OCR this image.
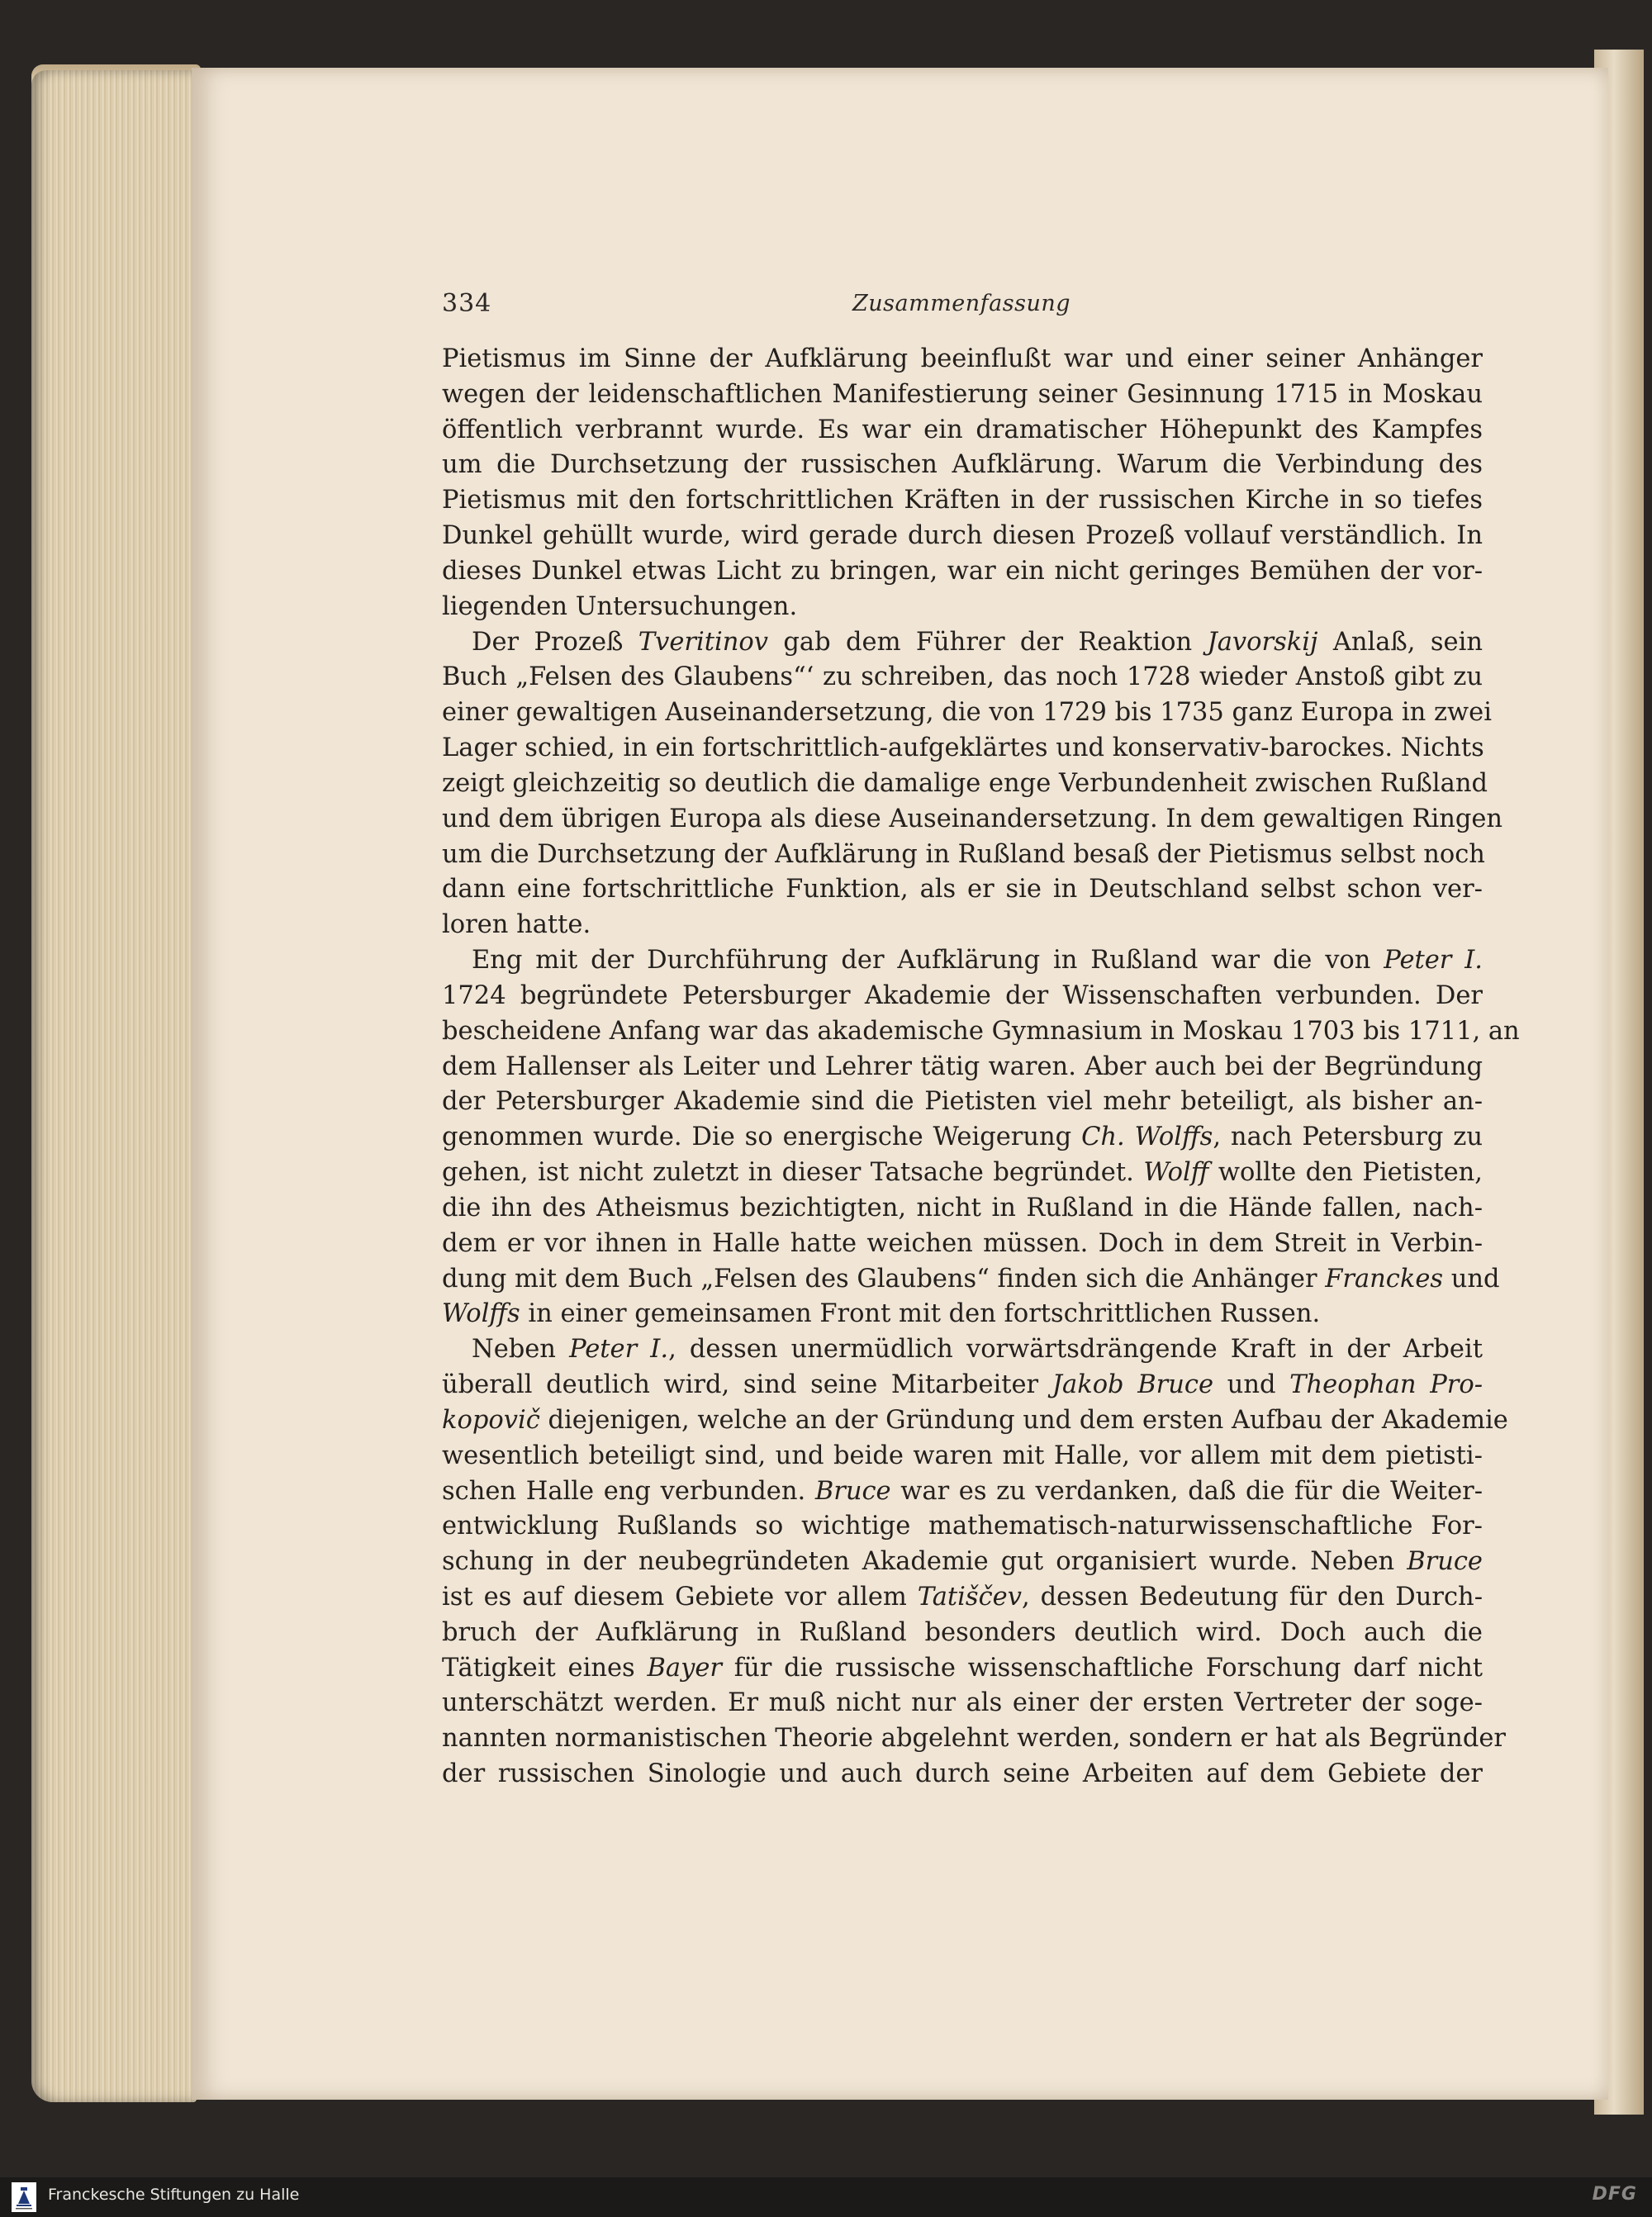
334	Zusammenfassung
Pietismus im Sinne der Aufklärung beeinflußt war und einer seiner Anhänger
wegen der leidenschaftlichen Manifestierung seiner Gesinnung 1715 in Moskau
öffentlich verbrannt wurde. Es war ein dramatischer Höhepunkt des Kampfes
um die Durchsetzung der russischen Aufklärung. Warum die Verbindung des
Pietismus mit den fortschrittlichen Kräften in der russischen Kirche in so tiefes
Dunkel gehüllt wurde, wird gerade durch diesen Prozeß vollauf verständlich. In
dieses Dunkel etwas Licht zu bringen, war ein nicht geringes Bemühen der vor-
liegenden Untersuchungen.
Der Prozeß Tveritinov gab dem Führer der Reaktion Javorskij Anlaß, sein
Buch „Felsen des Glaubens“‘ zu schreiben, das noch 1728 wieder Anstoß gibt zu
einer gewaltigen Auseinandersetzung, die von 1729 bis 1735 ganz Europa in zwei
Lager schied, in ein fortschrittlich-aufgeklärtes und konservativ-barockes. Nichts
zeigt gleichzeitig so deutlich die damalige enge Verbundenheit zwischen Rußland
und dem übrigen Europa als diese Auseinandersetzung. In dem gewaltigen Ringen
um die Durchsetzung der Aufklärung in Rußland besaß der Pietismus selbst noch
dann eine fortschrittliche Funktion, als er sie in Deutschland selbst schon ver-
loren hatte.
Eng mit der Durchführung der Aufklärung in Rußland war die von Peter I.
1724 begründete Petersburger Akademie der Wissenschaften verbunden. Der
bescheidene Anfang war das akademische Gymnasium in Moskau 1703 bis 1711, an
dem Hallenser als Leiter und Lehrer tätig waren. Aber auch bei der Begründung
der Petersburger Akademie sind die Pietisten viel mehr beteiligt, als bisher an-
genommen wurde. Die so energische Weigerung Ch. Wolffs, nach Petersburg zu
gehen, ist nicht zuletzt in dieser Tatsache begründet. Wolff wollte den Pietisten,
die ihn des Atheismus bezichtigten, nicht in Rußland in die Hände fallen, nach-
dem er vor ihnen in Halle hatte weichen müssen. Doch in dem Streit in Verbin-
dung mit dem Buch „Felsen des Glaubens“ finden sich die Anhänger Franckes und
Wolffs in einer gemeinsamen Front mit den fortschrittlichen Russen.
Neben Peter I., dessen unermüdlich vorwärtsdrängende Kraft in der Arbeit
überall deutlich wird, sind seine Mitarbeiter Jakob Bruce und Theophan Pro-
kopovič diejenigen, welche an der Gründung und dem ersten Aufbau der Akademie
wesentlich beteiligt sind, und beide waren mit Halle, vor allem mit dem pietisti-
schen Halle eng verbunden. Bruce war es zu verdanken, daß die für die Weiter-
entwicklung Rußlands so wichtige mathematisch-naturwissenschaftliche For-
schung in der neubegründeten Akademie gut organisiert wurde. Neben Bruce
ist es auf diesem Gebiete vor allem Tatiščev, dessen Bedeutung für den Durch-
bruch der Aufklärung in Rußland besonders deutlich wird. Doch auch die
Tätigkeit eines Bayer für die russische wissenschaftliche Forschung darf nicht
unterschätzt werden. Er muß nicht nur als einer der ersten Vertreter der soge-
nannten normanistischen Theorie abgelehnt werden, sondern er hat als Begründer
der russischen Sinologie und auch durch seine Arbeiten auf dem Gebiete der
Franckesche Stiftungen zu Halle	DFG
